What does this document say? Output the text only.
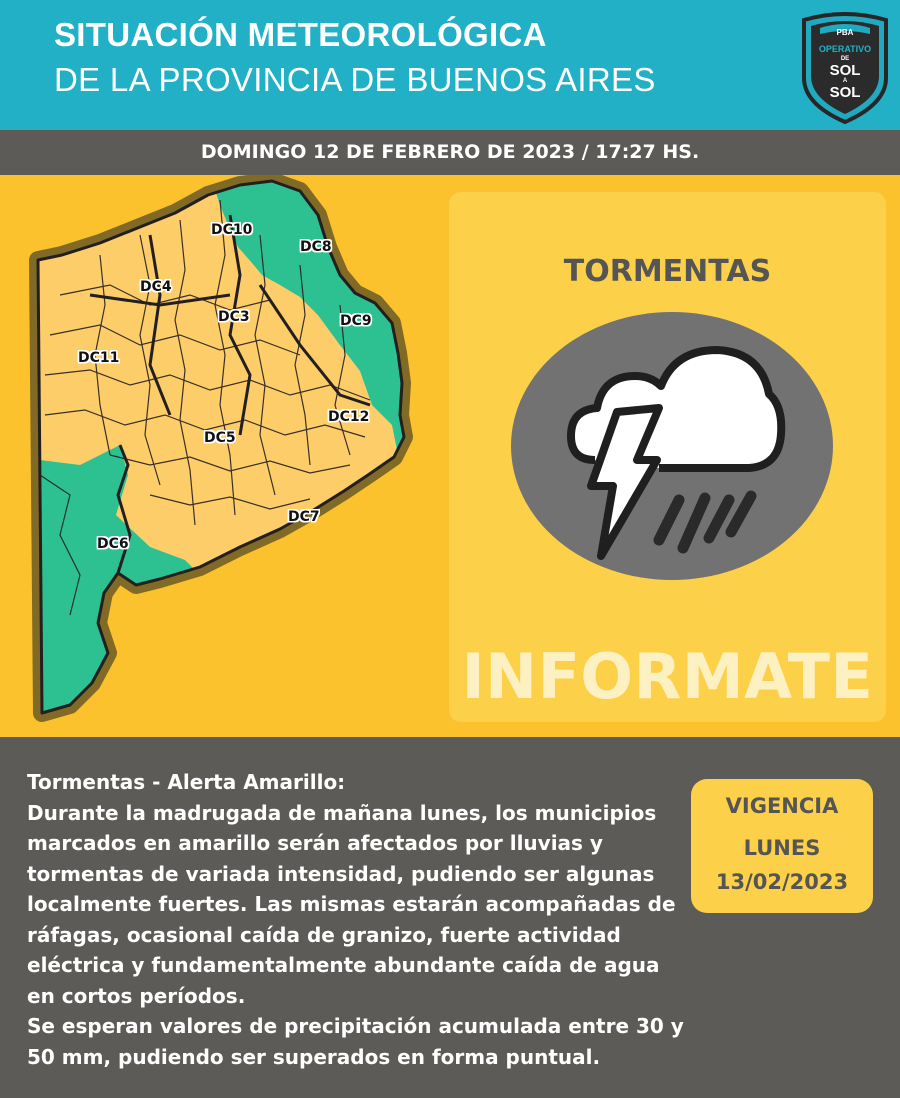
SITUACIÓN METEOROLÓGICA
DE LA PROVINCIA DE BUENOS AIRES
PBA
OPERATIVO
DE
SOL
A
SOL
DOMINGO 12 DE FEBRERO DE 2023 / 17:27 HS.
DC10
DC8
DC4
DC3	DC9
DC11
DC12
DC5
DC7
DC6
TORMENTAS
INFORMATE

Tormentas - Alerta Amarillo:

Durante la madrugada de mañana lunes, los municipios marcados en amarillo serán afectados por lluvias y tormentas de variada intensidad, pudiendo ser algunas localmente fuertes. Las mismas estarán acompañadas de ráfagas, ocasional caída de granizo, fuerte actividad eléctrica y fundamentalmente abundante caída de agua en cortos períodos.

Se esperan valores de precipitación acumulada entre 30 y 50 mm, pudiendo ser superados en forma puntual.

VIGENCIA
LUNES
13/02/2023
